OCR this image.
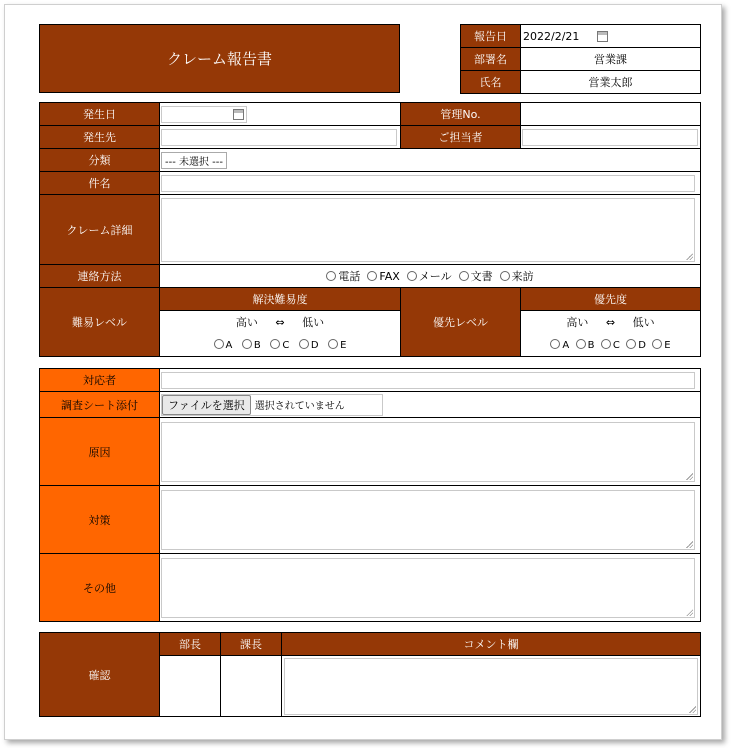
クレーム報告書
報告日	2022/2/21
部署名	営業課
氏名	営業太郎
発生日		管理No.	
発生先		ご担当者	

分類	--- 未選択 ---		
件名			

クレーム詳細			

連絡方法	電話 FAX メール 文書 来訪		
難易レベル	解決難易度	優先レベル	優先度
	高い ⇔ 低い		高い ⇔ 低い
	A B C D E		A B C D E
対応者	

調査シート添付	ファイルを選択 選択されていません

原因	

対策	

その他	
確認	部長	課長	コメント欄
